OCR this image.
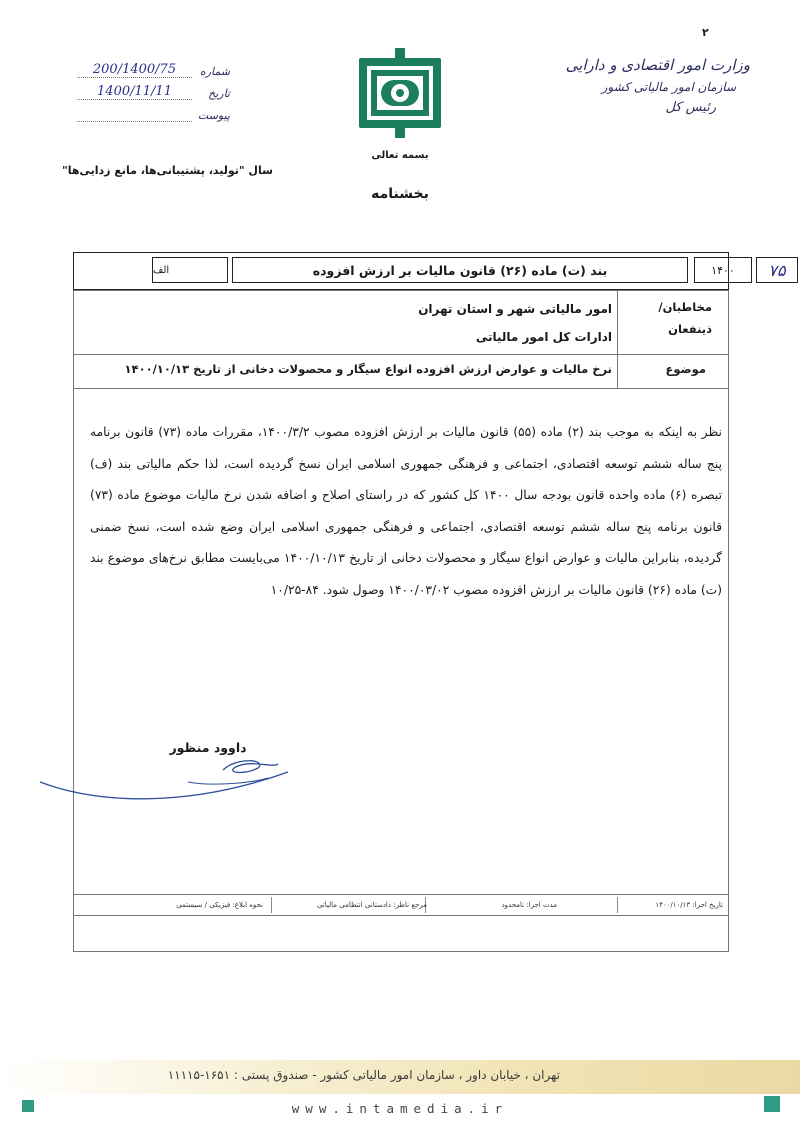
۲
وزارت امور اقتصادی و دارایی
سازمان امور مالیاتی کشور
رئیس کل
بسمه تعالی
بخشنامه
شماره
200/1400/75
تاریخ
1400/11/11
پیوست
سال "تولید، پشتیبانی‌ها، مانع زدایی‌ها"
۷۵
۱۴۰۰
بند (ت) ماده (۲۶) قانون مالیات بر ارزش افزوده
الف
مخاطبان/ ذینفعان
امور مالیاتی شهر و استان تهران
ادارات کل امور مالیاتی
موضوع
نرخ مالیات و عوارض ارزش افزوده انواع سیگار و محصولات دخانی از تاریخ ۱۴۰۰/۱۰/۱۳
نظر به اینکه به موجب بند (۲) ماده (۵۵) قانون مالیات بر ارزش افزوده مصوب ۱۴۰۰/۳/۲، مقررات ماده (۷۳) قانون برنامه پنج ساله ششم توسعه اقتصادی، اجتماعی و فرهنگی جمهوری اسلامی ایران نسخ گردیده است، لذا حکم مالیاتی بند (ف) تبصره (۶) ماده واحده قانون بودجه سال ۱۴۰۰ کل کشور که در راستای اصلاح و اضافه شدن نرخ مالیات موضوع ماده (۷۳) قانون برنامه پنج ساله ششم توسعه اقتصادی، اجتماعی و فرهنگی جمهوری اسلامی ایران وضع شده است، نسخ ضمنی گردیده، بنابراین مالیات و عوارض انواع سیگار و محصولات دخانی از تاریخ ۱۴۰۰/۱۰/۱۳ می‌بایست مطابق نرخ‌های موضوع بند (ت) ماده (۲۶) قانون مالیات بر ارزش افزوده مصوب ۱۴۰۰/۰۳/۰۲ وصول شود. ۸۴-۱۰/۲۵
داوود منظور
تاریخ اجرا: ۱۴۰۰/۱۰/۱۳
مدت اجرا: نامحدود
مرجع ناظر: دادستانی انتظامی مالیاتی
نحوه ابلاغ: فیزیکی / سیستمی
تهران ، خیابان داور ، سازمان امور مالیاتی کشور - صندوق پستی : ۱۶۵۱-۱۱۱۱۵
www.intamedia.ir
